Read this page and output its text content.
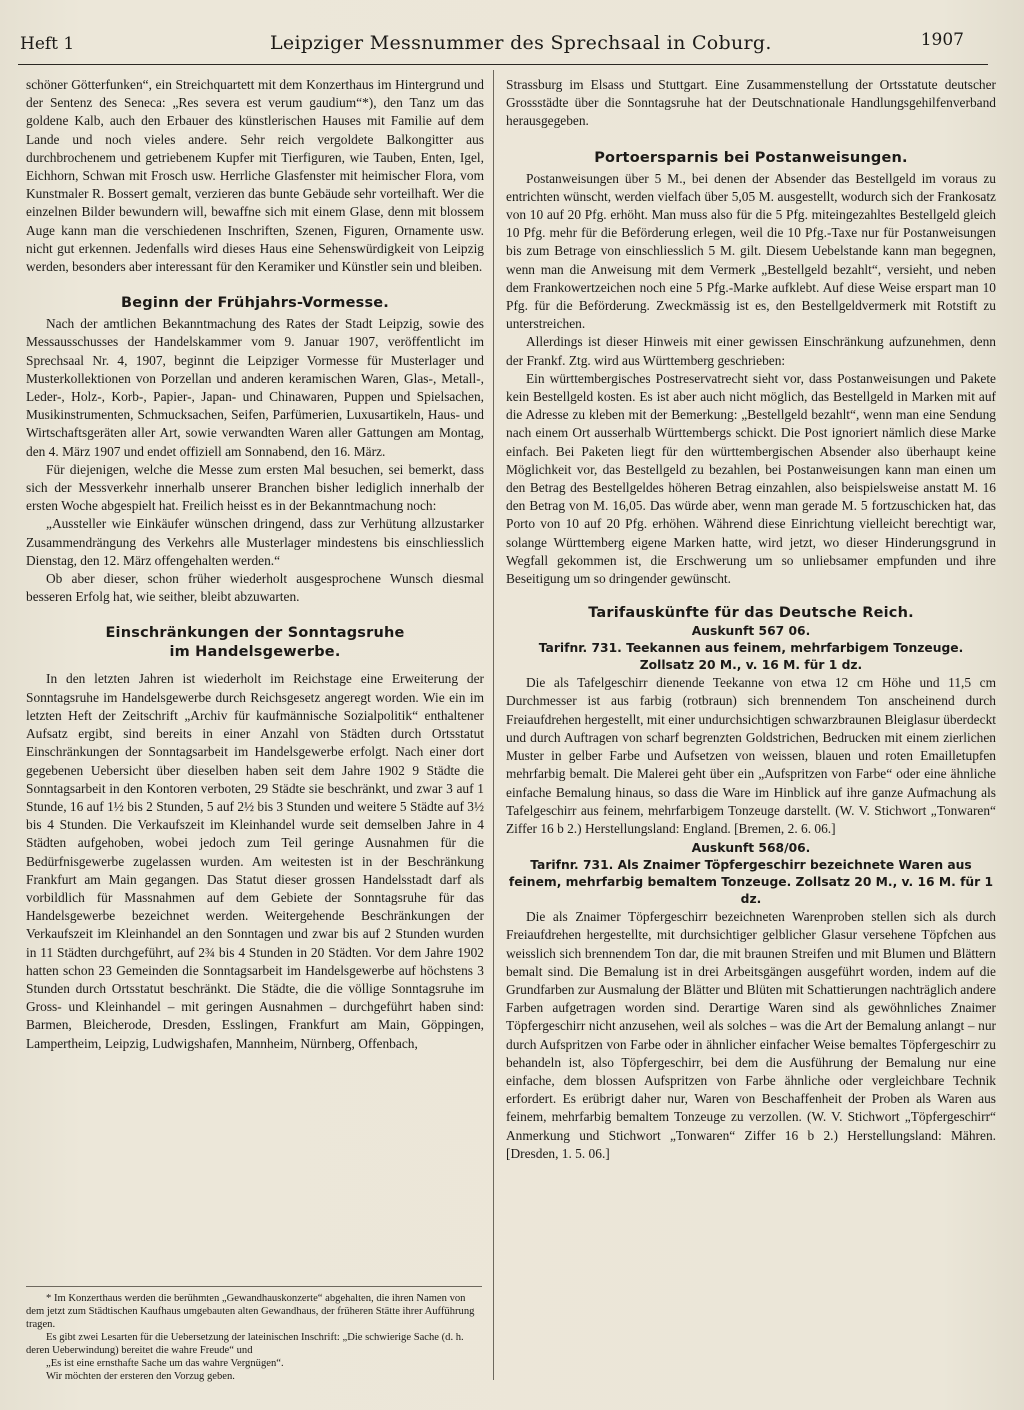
Heft 1	Leipziger Messnummer des Sprechsaal in Coburg.	1907

schöner Götterfunken“, ein Streichquartett mit dem Konzerthaus im Hintergrund und der Sentenz des Seneca: „Res severa est verum gaudium“*), den Tanz um das goldene Kalb, auch den Erbauer des künstlerischen Hauses mit Familie auf dem Lande und noch vieles andere. Sehr reich vergoldete Balkongitter aus durchbrochenem und getriebenem Kupfer mit Tierfiguren, wie Tauben, Enten, Igel, Eichhorn, Schwan mit Frosch usw. Herrliche Glasfenster mit heimischer Flora, vom Kunstmaler R. Bossert gemalt, verzieren das bunte Gebäude sehr vorteilhaft. Wer die einzelnen Bilder bewundern will, bewaffne sich mit einem Glase, denn mit blossem Auge kann man die verschiedenen Inschriften, Szenen, Figuren, Ornamente usw. nicht gut erkennen. Jedenfalls wird dieses Haus eine Sehenswürdigkeit von Leipzig werden, besonders aber interessant für den Keramiker und Künstler sein und bleiben.

Beginn der Frühjahrs-Vormesse.

Nach der amtlichen Bekanntmachung des Rates der Stadt Leipzig, sowie des Messausschusses der Handelskammer vom 9. Januar 1907, veröffentlicht im Sprechsaal Nr. 4, 1907, beginnt die Leipziger Vormesse für Musterlager und Musterkollektionen von Porzellan und anderen keramischen Waren, Glas-, Metall-, Leder-, Holz-, Korb-, Papier-, Japan- und Chinawaren, Puppen und Spielsachen, Musikinstrumenten, Schmucksachen, Seifen, Parfümerien, Luxusartikeln, Haus- und Wirtschaftsgeräten aller Art, sowie verwandten Waren aller Gattungen am Montag, den 4. März 1907 und endet offiziell am Sonnabend, den 16. März.

Für diejenigen, welche die Messe zum ersten Mal besuchen, sei bemerkt, dass sich der Messverkehr innerhalb unserer Branchen bisher lediglich innerhalb der ersten Woche abgespielt hat. Freilich heisst es in der Bekanntmachung noch:

„Aussteller wie Einkäufer wünschen dringend, dass zur Verhütung allzustarker Zusammendrängung des Verkehrs alle Musterlager mindestens bis einschliesslich Dienstag, den 12. März offengehalten werden.“

Ob aber dieser, schon früher wiederholt ausgesprochene Wunsch diesmal besseren Erfolg hat, wie seither, bleibt abzuwarten.

Einschränkungen der Sonntagsruhe
im Handelsgewerbe.

In den letzten Jahren ist wiederholt im Reichstage eine Erweiterung der Sonntagsruhe im Handelsgewerbe durch Reichsgesetz angeregt worden. Wie ein im letzten Heft der Zeitschrift „Archiv für kaufmännische Sozialpolitik“ enthaltener Aufsatz ergibt, sind bereits in einer Anzahl von Städten durch Ortsstatut Einschränkungen der Sonntagsarbeit im Handelsgewerbe erfolgt. Nach einer dort gegebenen Uebersicht über dieselben haben seit dem Jahre 1902 9 Städte die Sonntagsarbeit in den Kontoren verboten, 29 Städte sie beschränkt, und zwar 3 auf 1 Stunde, 16 auf 1½ bis 2 Stunden, 5 auf 2½ bis 3 Stunden und weitere 5 Städte auf 3½ bis 4 Stunden. Die Verkaufszeit im Kleinhandel wurde seit demselben Jahre in 4 Städten aufgehoben, wobei jedoch zum Teil geringe Ausnahmen für die Bedürfnisgewerbe zugelassen wurden. Am weitesten ist in der Beschränkung Frankfurt am Main gegangen. Das Statut dieser grossen Handelsstadt darf als vorbildlich für Massnahmen auf dem Gebiete der Sonntagsruhe für das Handelsgewerbe bezeichnet werden. Weitergehende Beschränkungen der Verkaufszeit im Kleinhandel an den Sonntagen und zwar bis auf 2 Stunden wurden in 11 Städten durchgeführt, auf 2¾ bis 4 Stunden in 20 Städten. Vor dem Jahre 1902 hatten schon 23 Gemeinden die Sonntagsarbeit im Handelsgewerbe auf höchstens 3 Stunden durch Ortsstatut beschränkt. Die Städte, die die völlige Sonntagsruhe im Gross- und Kleinhandel – mit geringen Ausnahmen – durchgeführt haben sind: Barmen, Bleicherode, Dresden, Esslingen, Frankfurt am Main, Göppingen, Lampertheim, Leipzig, Ludwigshafen, Mannheim, Nürnberg, Offenbach,

* Im Konzerthaus werden die berühmten „Gewandhauskonzerte“ abgehalten, die ihren Namen von dem jetzt zum Städtischen Kaufhaus umgebauten alten Gewandhaus, der früheren Stätte ihrer Aufführung tragen.

Es gibt zwei Lesarten für die Uebersetzung der lateinischen Inschrift: „Die schwierige Sache (d. h. deren Ueberwindung) bereitet die wahre Freude“ und

„Es ist eine ernsthafte Sache um das wahre Vergnügen“.

Wir möchten der ersteren den Vorzug geben.

Strassburg im Elsass und Stuttgart. Eine Zusammenstellung der Ortsstatute deutscher Grossstädte über die Sonntagsruhe hat der Deutschnationale Handlungsgehilfenverband herausgegeben.

Portoersparnis bei Postanweisungen.

Postanweisungen über 5 M., bei denen der Absender das Bestellgeld im voraus zu entrichten wünscht, werden vielfach über 5,05 M. ausgestellt, wodurch sich der Frankosatz von 10 auf 20 Pfg. erhöht. Man muss also für die 5 Pfg. miteingezahltes Bestellgeld gleich 10 Pfg. mehr für die Beförderung erlegen, weil die 10 Pfg.-Taxe nur für Postanweisungen bis zum Betrage von einschliesslich 5 M. gilt. Diesem Uebelstande kann man begegnen, wenn man die Anweisung mit dem Vermerk „Bestellgeld bezahlt“, versieht, und neben dem Frankowertzeichen noch eine 5 Pfg.-Marke aufklebt. Auf diese Weise erspart man 10 Pfg. für die Beförderung. Zweckmässig ist es, den Bestellgeldvermerk mit Rotstift zu unterstreichen.

Allerdings ist dieser Hinweis mit einer gewissen Einschränkung aufzunehmen, denn der Frankf. Ztg. wird aus Württemberg geschrieben:

Ein württembergisches Postreservatrecht sieht vor, dass Postanweisungen und Pakete kein Bestellgeld kosten. Es ist aber auch nicht möglich, das Bestellgeld in Marken mit auf die Adresse zu kleben mit der Bemerkung: „Bestellgeld bezahlt“, wenn man eine Sendung nach einem Ort ausserhalb Württembergs schickt. Die Post ignoriert nämlich diese Marke einfach. Bei Paketen liegt für den württembergischen Absender also überhaupt keine Möglichkeit vor, das Bestellgeld zu bezahlen, bei Postanweisungen kann man einen um den Betrag des Bestellgeldes höheren Betrag einzahlen, also beispielsweise anstatt M. 16 den Betrag von M. 16,05. Das würde aber, wenn man gerade M. 5 fortzuschicken hat, das Porto von 10 auf 20 Pfg. erhöhen. Während diese Einrichtung vielleicht berechtigt war, solange Württemberg eigene Marken hatte, wird jetzt, wo dieser Hinderungsgrund in Wegfall gekommen ist, die Erschwerung um so unliebsamer empfunden und ihre Beseitigung um so dringender gewünscht.

Tarifauskünfte für das Deutsche Reich.

Auskunft 567 06.

Tarifnr. 731. Teekannen aus feinem, mehrfarbigem Tonzeuge.

Zollsatz 20 M., v. 16 M. für 1 dz.

Die als Tafelgeschirr dienende Teekanne von etwa 12 cm Höhe und 11,5 cm Durchmesser ist aus farbig (rotbraun) sich brennendem Ton anscheinend durch Freiaufdrehen hergestellt, mit einer undurchsichtigen schwarzbraunen Bleiglasur überdeckt und durch Auftragen von scharf begrenzten Goldstrichen, Bedrucken mit einem zierlichen Muster in gelber Farbe und Aufsetzen von weissen, blauen und roten Emailletupfen mehrfarbig bemalt. Die Malerei geht über ein „Aufspritzen von Farbe“ oder eine ähnliche einfache Bemalung hinaus, so dass die Ware im Hinblick auf ihre ganze Aufmachung als Tafelgeschirr aus feinem, mehrfarbigem Tonzeuge darstellt. (W. V. Stichwort „Tonwaren“ Ziffer 16 b 2.) Herstellungsland: England. [Bremen, 2. 6. 06.]

Auskunft 568/06.

Tarifnr. 731. Als Znaimer Töpfergeschirr bezeichnete Waren aus feinem, mehrfarbig bemaltem Tonzeuge. Zollsatz 20 M., v. 16 M. für 1 dz.

Die als Znaimer Töpfergeschirr bezeichneten Warenproben stellen sich als durch Freiaufdrehen hergestellte, mit durchsichtiger gelblicher Glasur versehene Töpfchen aus weisslich sich brennendem Ton dar, die mit braunen Streifen und mit Blumen und Blättern bemalt sind. Die Bemalung ist in drei Arbeitsgängen ausgeführt worden, indem auf die Grundfarben zur Ausmalung der Blätter und Blüten mit Schattierungen nachträglich andere Farben aufgetragen worden sind. Derartige Waren sind als gewöhnliches Znaimer Töpfergeschirr nicht anzusehen, weil als solches – was die Art der Bemalung anlangt – nur durch Aufspritzen von Farbe oder in ähnlicher einfacher Weise bemaltes Töpfergeschirr zu behandeln ist, also Töpfergeschirr, bei dem die Ausführung der Bemalung nur eine einfache, dem blossen Aufspritzen von Farbe ähnliche oder vergleichbare Technik erfordert. Es erübrigt daher nur, Waren von Beschaffenheit der Proben als Waren aus feinem, mehrfarbig bemaltem Tonzeuge zu verzollen. (W. V. Stichwort „Töpfergeschirr“ Anmerkung und Stichwort „Tonwaren“ Ziffer 16 b 2.) Herstellungsland: Mähren. [Dresden, 1. 5. 06.]
